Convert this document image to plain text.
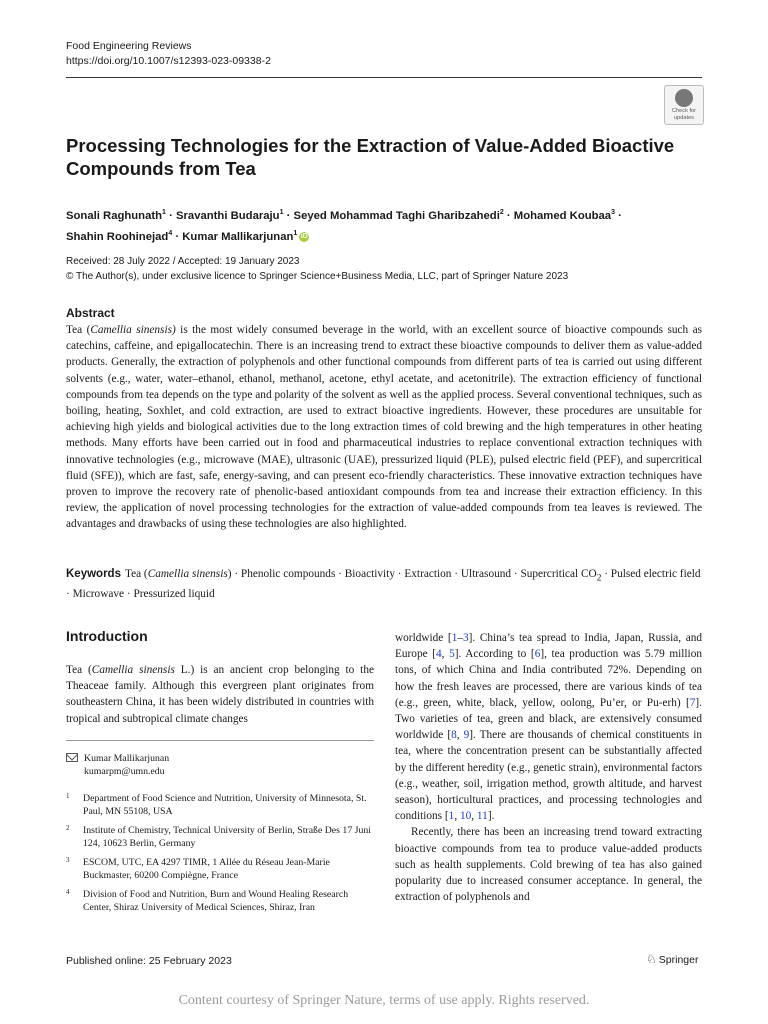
Food Engineering Reviews
https://doi.org/10.1007/s12393-023-09338-2
Check for
updates
Processing Technologies for the Extraction of Value-Added Bioactive Compounds from Tea
Sonali Raghunath$^1$ · Sravanthi Budaraju$^1$ · Seyed Mohammad Taghi Gharibzahedi$^2$ · Mohamed Koubaa$^3$ ·
Shahin Roohinejad$^4$ · Kumar Mallikarjunan$^1$ iD
Received: 28 July 2022 / Accepted: 19 January 2023
© The Author(s), under exclusive licence to Springer Science+Business Media, LLC, part of Springer Nature 2023
Abstract
Tea (Camellia sinensis) is the most widely consumed beverage in the world, with an excellent source of bioactive compounds such as catechins, caffeine, and epigallocatechin. There is an increasing trend to extract these bioactive compounds to deliver them as value-added products. Generally, the extraction of polyphenols and other functional compounds from different parts of tea is carried out using different solvents (e.g., water, water–ethanol, ethanol, methanol, acetone, ethyl acetate, and acetonitrile). The extraction efficiency of functional compounds from tea depends on the type and polarity of the solvent as well as the applied process. Several conventional techniques, such as boiling, heating, Soxhlet, and cold extraction, are used to extract bioactive ingredients. However, these procedures are unsuitable for achieving high yields and biological activities due to the long extraction times of cold brewing and the high temperatures in other heating methods. Many efforts have been carried out in food and pharmaceutical industries to replace conventional extraction techniques with innovative technologies (e.g., microwave (MAE), ultrasonic (UAE), pressurized liquid (PLE), pulsed electric field (PEF), and supercritical fluid (SFE)), which are fast, safe, energy-saving, and can present eco-friendly characteristics. These innovative extraction techniques have proven to improve the recovery rate of phenolic-based antioxidant compounds from tea and increase their extraction efficiency. In this review, the application of novel processing technologies for the extraction of value-added compounds from tea leaves is reviewed. The advantages and drawbacks of using these technologies are also highlighted.
Keywords Tea (Camellia sinensis) · Phenolic compounds · Bioactivity · Extraction · Ultrasound · Supercritical $CO_2$ · Pulsed electric field · Microwave · Pressurized liquid
Introduction

Tea (Camellia sinensis L.) is an ancient crop belonging to the Theaceae family. Although this evergreen plant originates from southeastern China, it has been widely distributed in countries with tropical and subtropical climate changes

Kumar Mallikarjunan
kumarpm@umn.edu
1 Department of Food Science and Nutrition, University of Minnesota, St. Paul, MN 55108, USA
2 Institute of Chemistry, Technical University of Berlin, Straße Des 17 Juni 124, 10623 Berlin, Germany
3 ESCOM, UTC, EA 4297 TIMR, 1 Allée du Réseau Jean-Marie Buckmaster, 60200 Compiègne, France
4 Division of Food and Nutrition, Burn and Wound Healing Research Center, Shiraz University of Medical Sciences, Shiraz, Iran

worldwide [1–3]. China’s tea spread to India, Japan, Russia, and Europe [4, 5]. According to [6], tea production was 5.79 million tons, of which China and India contributed 72%. Depending on how the fresh leaves are processed, there are various kinds of tea (e.g., green, white, black, yellow, oolong, Pu’er, or Pu-erh) [7]. Two varieties of tea, green and black, are extensively consumed worldwide [8, 9]. There are thousands of chemical constituents in tea, where the concentration present can be substantially affected by the different heredity (e.g., genetic strain), environmental factors (e.g., weather, soil, irrigation method, growth altitude, and harvest season), horticultural practices, and processing technologies and conditions [1, 10, 11].

Recently, there has been an increasing trend toward extracting bioactive compounds from tea to produce value-added products such as health supplements. Cold brewing of tea has also gained popularity due to increased consumer acceptance. In general, the extraction of polyphenols and

Published online: 25 February 2023	♘ Springer
Content courtesy of Springer Nature, terms of use apply. Rights reserved.
